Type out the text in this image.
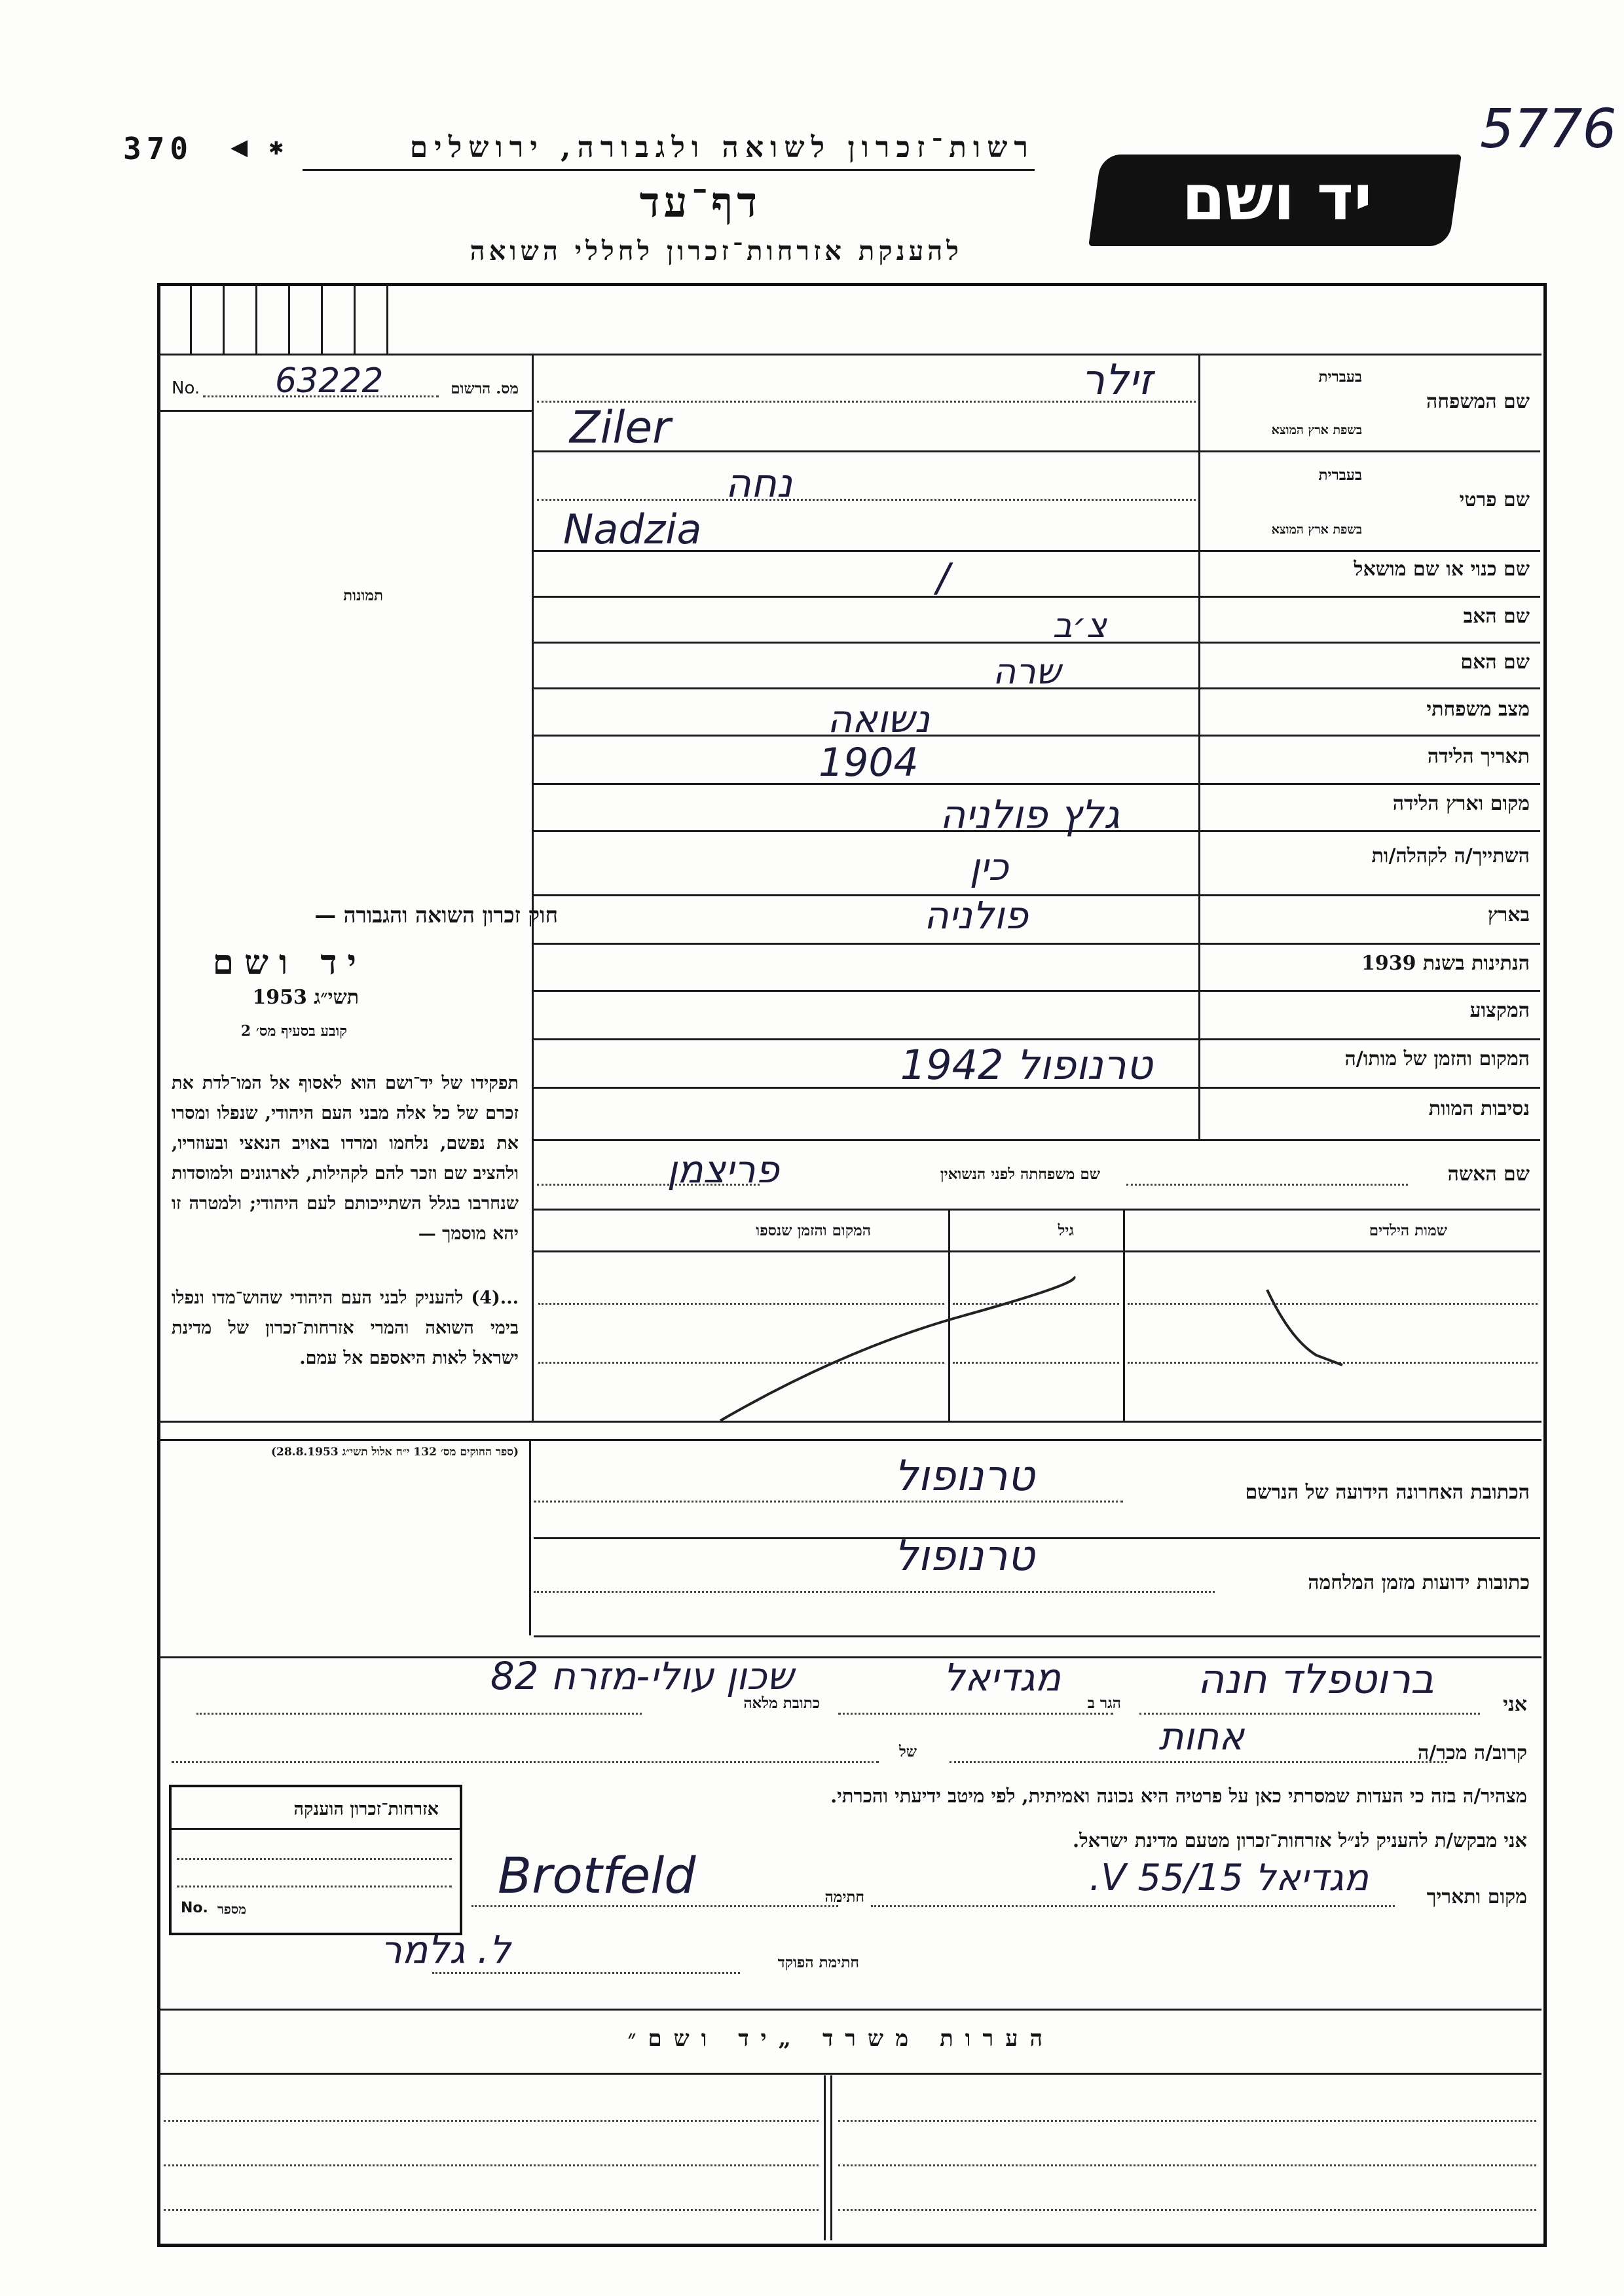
370 ◀ ✱	5776
רשות־זכרון לשואה ולגבורה, ירושלים
דף־עד
להענקת אזרחות־זכרון לחללי השואה
יד ושם
No. 63222	מס. הרשום
תמונות
חוק זכרון השואה והגבורה —
יד ושם
תשי״ג 1953
קובע בסעיף מס׳ 2
תפקידו של יד־ושם הוא לאסוף אל המו־לדת את זכרם של כל אלה מבני העם היהודי, שנפלו ומסרו את נפשם, נלחמו ומרדו באויב הנאצי ובעוזריו, ולהציב שם וזכר להם לקהילות, לארגונים ולמוסדות שנחרבו בגלל השתייכותם לעם היהודי; ולמטרה זו יהא מוסמך —
...(4) להעניק לבני העם היהודי שהוש־מדו ונפלו בימי השואה והמרי אזרחות־זכרון של מדינת ישראל לאות היאספם אל עמם.
(ספר החוקים מס׳ 132 י״ח אלול תשי״ג 28.8.1953)
בעברית
שם המשפחה
בשפת ארץ המוצא
בעברית
שם פרטי
בשפת ארץ המוצא
שם כנוי או שם מושאל
שם האב
שם האם
מצב משפחתי
תאריך הלידה
מקום וארץ הלידה
השתייך/ה לקהלה/ות
בארץ
הנתינות בשנת 1939
המקצוע
המקום והזמן של מותו/ה
נסיבות המוות
זילר
Ziler
נחה
Nadzia
/
צ׳ב
שרה
נשואה
1904
גלץ פולניה
כין
פולניה
טרנופול 1942
שם האשה
שם משפחתה לפני הנשואין
פריצמן
שמות הילדים
גיל
המקום והזמן שנספו
הכתובת האחרונה הידועה של הנרשם
טרנופול
כתובות ידועות מזמן המלחמה
טרנופול
אני
ברוטפלד חנה
הגר ב
מגדיאל
כתובת מלאה
שכון עולי-מזרח 82
קרוב/ה מכר/ה
אחות
של
מצהיר/ה בזה כי העדות שמסרתי כאן על פרטיה היא נכונה ואמיתית, לפי מיטב ידיעתי והכרתי.
אני מבקש/ת להעניק לנ״ל אזרחות־זכרון מטעם מדינת ישראל.
מקום ותאריך
מגדיאל 15/V 55.
חתימה
Brotfeld
חתימת הפוקד
ל. גלמר
אזרחות־זכרון הוענקה
No. מספר
הערות משרד „יד ושם״
